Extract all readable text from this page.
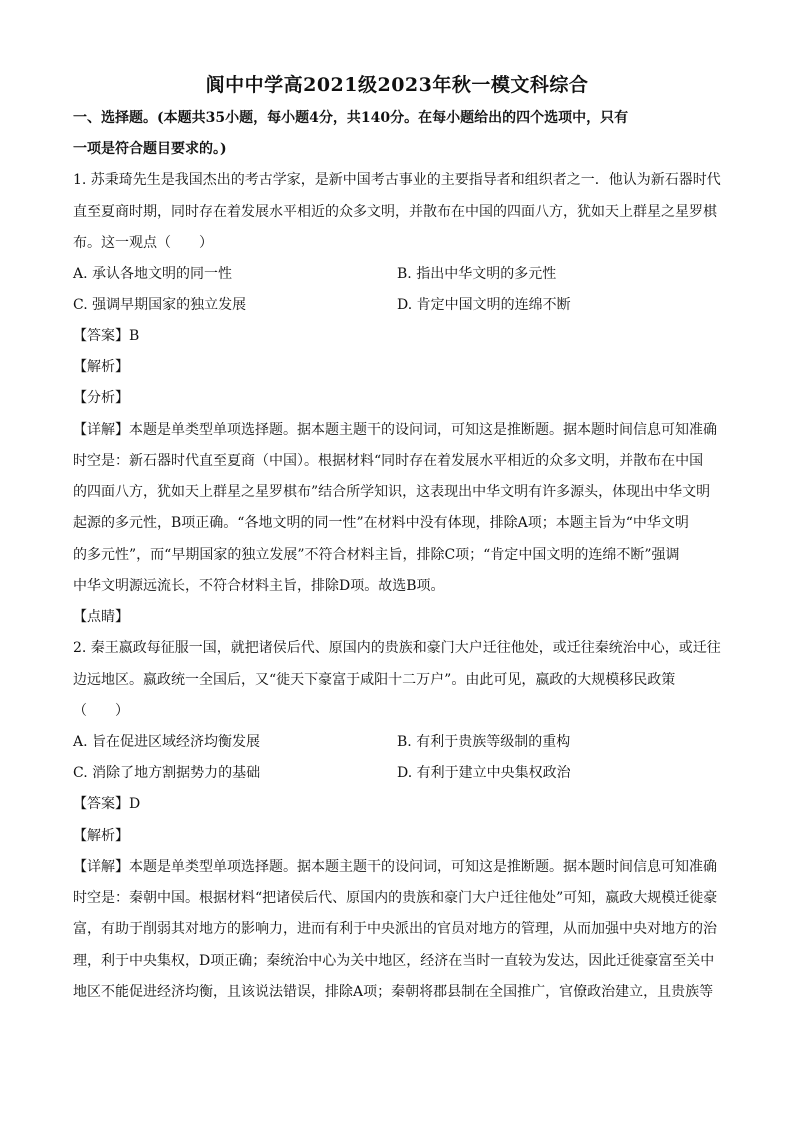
阆中中学高2021级2023年秋一模文科综合
一、选择题。(本题共35小题，每小题4分，共140分。在每小题给出的四个选项中，只有
一项是符合题目要求的。)
1. 苏秉琦先生是我国杰出的考古学家，是新中国考古事业的主要指导者和组织者之一．他认为新石器时代
直至夏商时期，同时存在着发展水平相近的众多文明，并散布在中国的四面八方，犹如天上群星之星罗棋
布。这一观点（　　）
A. 承认各地文明的同一性	B. 指出中华文明的多元性
C. 强调早期国家的独立发展	D. 肯定中国文明的连绵不断
【答案】B
【解析】
【分析】
【详解】本题是单类型单项选择题。据本题主题干的设问词，可知这是推断题。据本题时间信息可知准确
时空是：新石器时代直至夏商（中国）。根据材料“同时存在着发展水平相近的众多文明，并散布在中国
的四面八方，犹如天上群星之星罗棋布”结合所学知识，这表现出中华文明有许多源头，体现出中华文明
起源的多元性，B项正确。“各地文明的同一性”在材料中没有体现，排除A项；本题主旨为“中华文明
的多元性”，而“早期国家的独立发展”不符合材料主旨，排除C项；“肯定中国文明的连绵不断”强调
中华文明源远流长，不符合材料主旨，排除D项。故选B项。
【点睛】
2. 秦王嬴政每征服一国，就把诸侯后代、原国内的贵族和豪门大户迁往他处，或迁往秦统治中心，或迁往
边远地区。嬴政统一全国后，又“徙天下豪富于咸阳十二万户”。由此可见，嬴政的大规模移民政策
（　　）
A. 旨在促进区域经济均衡发展	B. 有利于贵族等级制的重构
C. 消除了地方割据势力的基础	D. 有利于建立中央集权政治
【答案】D
【解析】
【详解】本题是单类型单项选择题。据本题主题干的设问词，可知这是推断题。据本题时间信息可知准确
时空是：秦朝中国。根据材料“把诸侯后代、原国内的贵族和豪门大户迁往他处”可知，嬴政大规模迁徙豪
富，有助于削弱其对地方的影响力，进而有利于中央派出的官员对地方的管理，从而加强中央对地方的治
理，利于中央集权，D项正确；秦统治中心为关中地区，经济在当时一直较为发达，因此迁徙豪富至关中
地区不能促进经济均衡，且该说法错误，排除A项；秦朝将郡县制在全国推广，官僚政治建立，且贵族等
